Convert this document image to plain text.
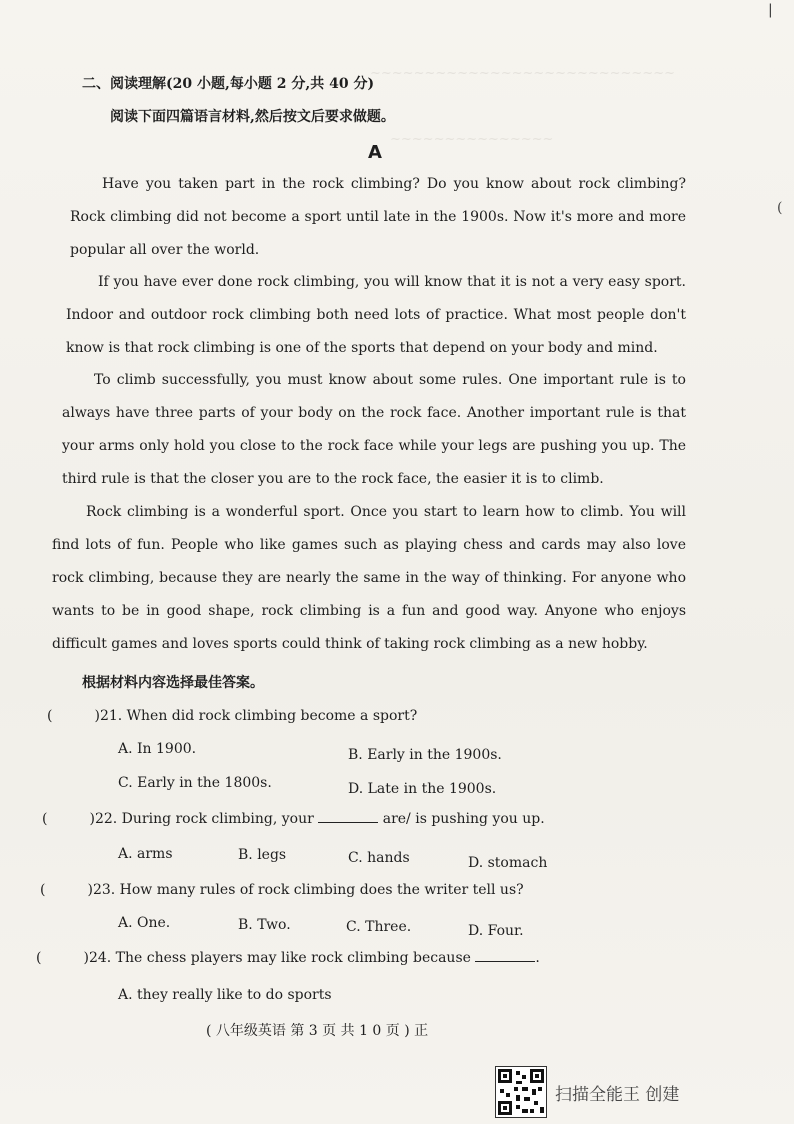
~~~~~~~~~~~~~~~~~~~~~~~~~~~~
~~~~~~~~~~~~~~~
二、阅读理解(20 小题,每小题 2 分,共 40 分)
阅读下面四篇语言材料,然后按文后要求做题。
A

Have you taken part in the rock climbing? Do you know about rock climbing? Rock climbing did not become a sport until late in the 1900s. Now it's more and more popular all over the world.

If you have ever done rock climbing, you will know that it is not a very easy sport. Indoor and outdoor rock climbing both need lots of practice. What most people don't know is that rock climbing is one of the sports that depend on your body and mind.

To climb successfully, you must know about some rules. One important rule is to always have three parts of your body on the rock face. Another important rule is that your arms only hold you close to the rock face while your legs are pushing you up. The third rule is that the closer you are to the rock face, the easier it is to climb.

Rock climbing is a wonderful sport. Once you start to learn how to climb. You will find lots of fun. People who like games such as playing chess and cards may also love rock climbing, because they are nearly the same in the way of thinking. For anyone who wants to be in good shape, rock climbing is a fun and good way. Anyone who enjoys difficult games and loves sports could think of taking rock climbing as a new hobby.

根据材料内容选择最佳答案。
(	)21. When did rock climbing become a sport?
A. In 1900.	B. Early in the 1900s.
C. Early in the 1800s.	D. Late in the 1900s.
(	)22. During rock climbing, your	are/ is pushing you up.
A. arms	B. legs	C. hands	D. stomach
(	)23. How many rules of rock climbing does the writer tell us?
A. One.	B. Two.	C. Three.	D. Four.
(	)24. The chess players may like rock climbing because	.
A. they really like to do sports
( 八年级英语 第 3 页 共 1 0 页 ) 正
(
|
扫描全能王 创建
